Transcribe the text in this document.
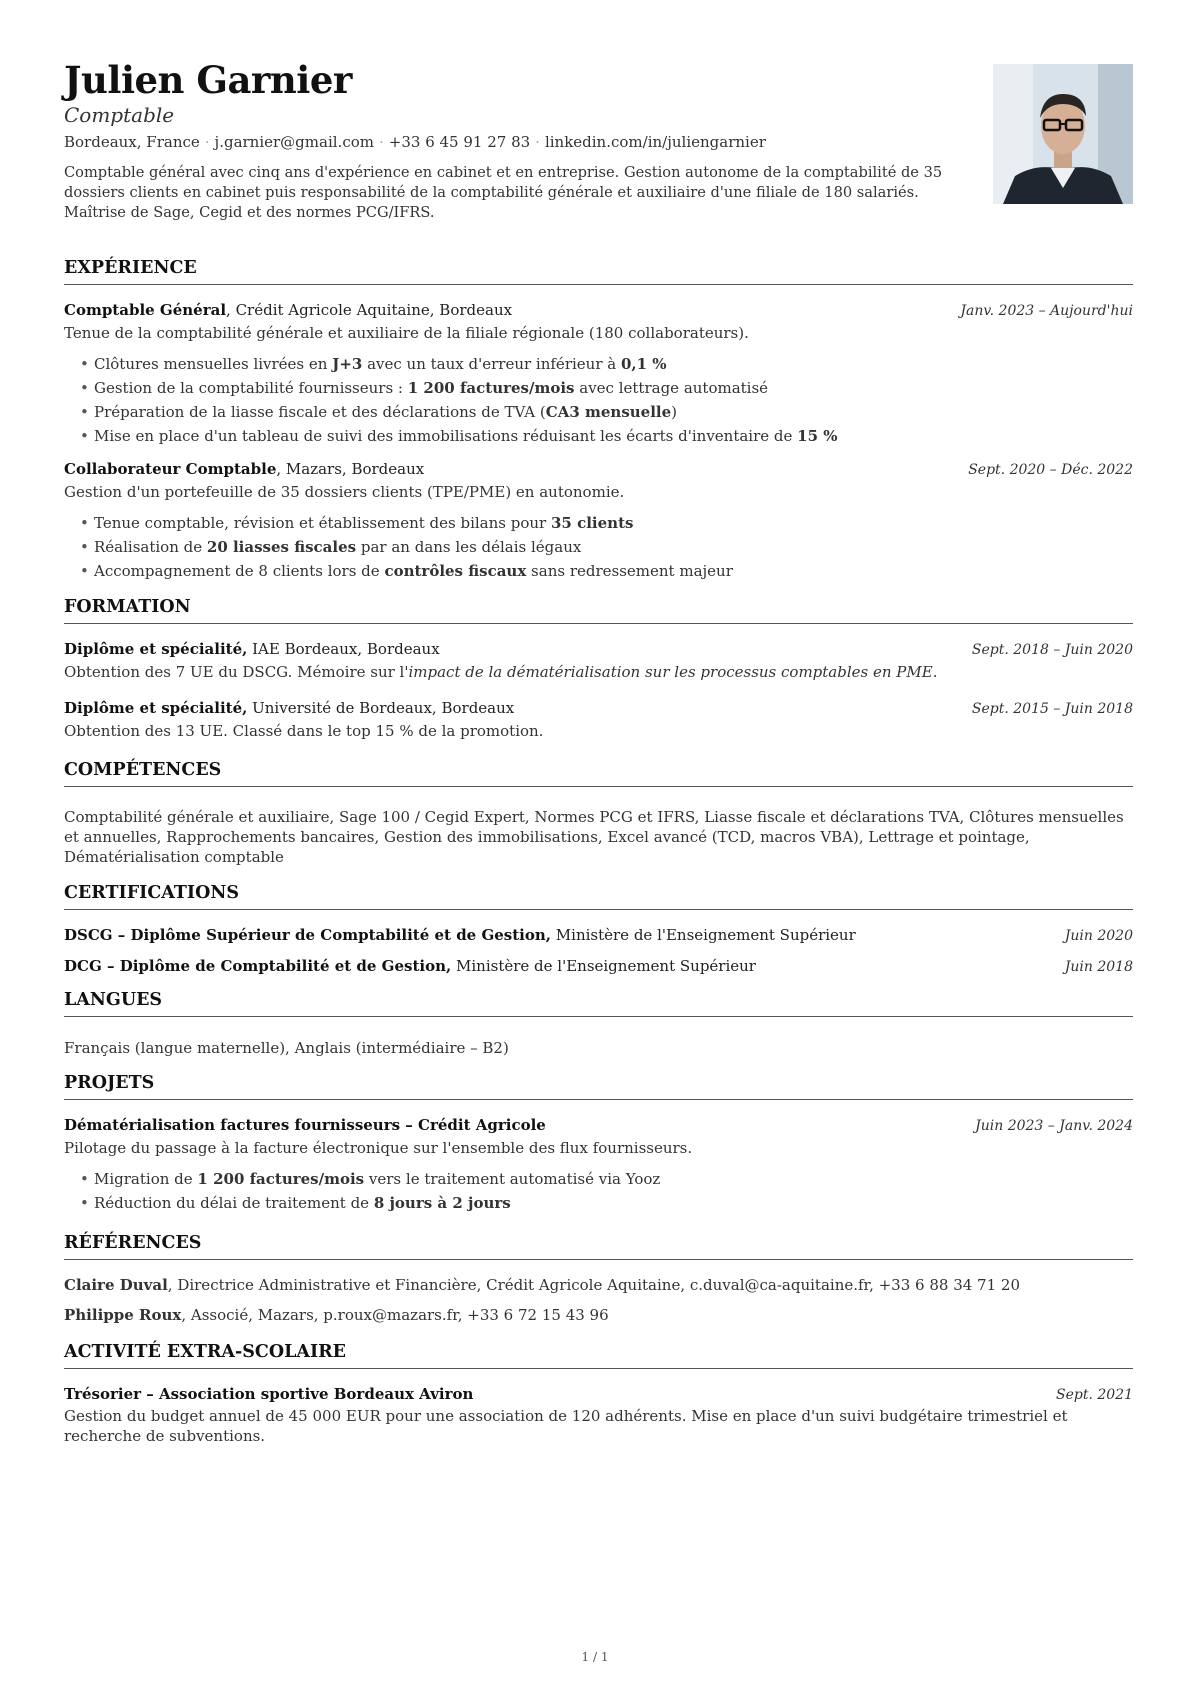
Julien Garnier
Comptable
Bordeaux, France · j.garnier@gmail.com · +33 6 45 91 27 83 · linkedin.com/in/juliengarnier
Comptable général avec cinq ans d'expérience en cabinet et en entreprise. Gestion autonome de la comptabilité de 35 dossiers clients en cabinet puis responsabilité de la comptabilité générale et auxiliaire d'une filiale de 180 salariés. Maîtrise de Sage, Cegid et des normes PCG/IFRS.
EXPÉRIENCE
Comptable Général, Crédit Agricole Aquitaine, Bordeaux	Janv. 2023 – Aujourd'hui
Tenue de la comptabilité générale et auxiliaire de la filiale régionale (180 collaborateurs).
• Clôtures mensuelles livrées en J+3 avec un taux d'erreur inférieur à 0,1 %
• Gestion de la comptabilité fournisseurs : 1 200 factures/mois avec lettrage automatisé
• Préparation de la liasse fiscale et des déclarations de TVA (CA3 mensuelle)
• Mise en place d'un tableau de suivi des immobilisations réduisant les écarts d'inventaire de 15 %
Collaborateur Comptable, Mazars, Bordeaux	Sept. 2020 – Déc. 2022
Gestion d'un portefeuille de 35 dossiers clients (TPE/PME) en autonomie.
• Tenue comptable, révision et établissement des bilans pour 35 clients
• Réalisation de 20 liasses fiscales par an dans les délais légaux
• Accompagnement de 8 clients lors de contrôles fiscaux sans redressement majeur
FORMATION
Diplôme et spécialité, IAE Bordeaux, Bordeaux	Sept. 2018 – Juin 2020
Obtention des 7 UE du DSCG. Mémoire sur l'impact de la dématérialisation sur les processus comptables en PME.
Diplôme et spécialité, Université de Bordeaux, Bordeaux	Sept. 2015 – Juin 2018
Obtention des 13 UE. Classé dans le top 15 % de la promotion.
COMPÉTENCES
Comptabilité générale et auxiliaire, Sage 100 / Cegid Expert, Normes PCG et IFRS, Liasse fiscale et déclarations TVA, Clôtures mensuelles et annuelles, Rapprochements bancaires, Gestion des immobilisations, Excel avancé (TCD, macros VBA), Lettrage et pointage, Dématérialisation comptable
CERTIFICATIONS
DSCG – Diplôme Supérieur de Comptabilité et de Gestion, Ministère de l'Enseignement Supérieur	Juin 2020
DCG – Diplôme de Comptabilité et de Gestion, Ministère de l'Enseignement Supérieur	Juin 2018
LANGUES
Français (langue maternelle), Anglais (intermédiaire – B2)
PROJETS
Dématérialisation factures fournisseurs – Crédit Agricole	Juin 2023 – Janv. 2024
Pilotage du passage à la facture électronique sur l'ensemble des flux fournisseurs.
• Migration de 1 200 factures/mois vers le traitement automatisé via Yooz
• Réduction du délai de traitement de 8 jours à 2 jours
RÉFÉRENCES
Claire Duval, Directrice Administrative et Financière, Crédit Agricole Aquitaine, c.duval@ca-aquitaine.fr, +33 6 88 34 71 20
Philippe Roux, Associé, Mazars, p.roux@mazars.fr, +33 6 72 15 43 96
ACTIVITÉ EXTRA-SCOLAIRE
Trésorier – Association sportive Bordeaux Aviron	Sept. 2021
Gestion du budget annuel de 45 000 EUR pour une association de 120 adhérents. Mise en place d'un suivi budgétaire trimestriel et recherche de subventions.
1 / 1
